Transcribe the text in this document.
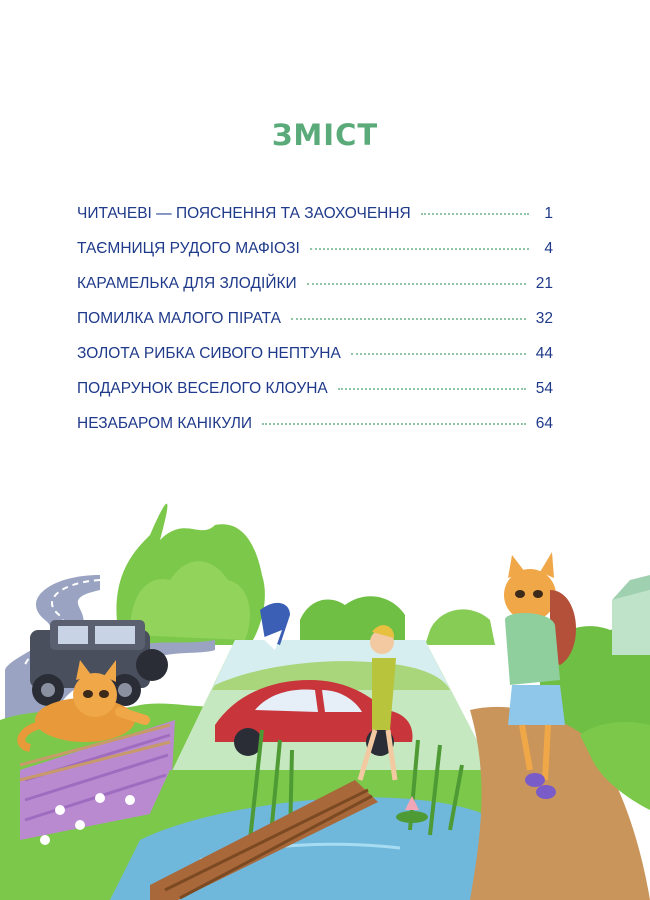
ЗМІСТ
ЧИТАЧЕВІ — ПОЯСНЕННЯ ТА ЗАОХОЧЕННЯ	1
ТАЄМНИЦЯ РУДОГО МАФІОЗІ	4
КАРАМЕЛЬКА ДЛЯ ЗЛОДІЙКИ	21
ПОМИЛКА МАЛОГО ПІРАТА	32
ЗОЛОТА РИБКА СИВОГО НЕПТУНА	44
ПОДАРУНОК ВЕСЕЛОГО КЛОУНА	54
НЕЗАБАРОМ КАНІКУЛИ	64
